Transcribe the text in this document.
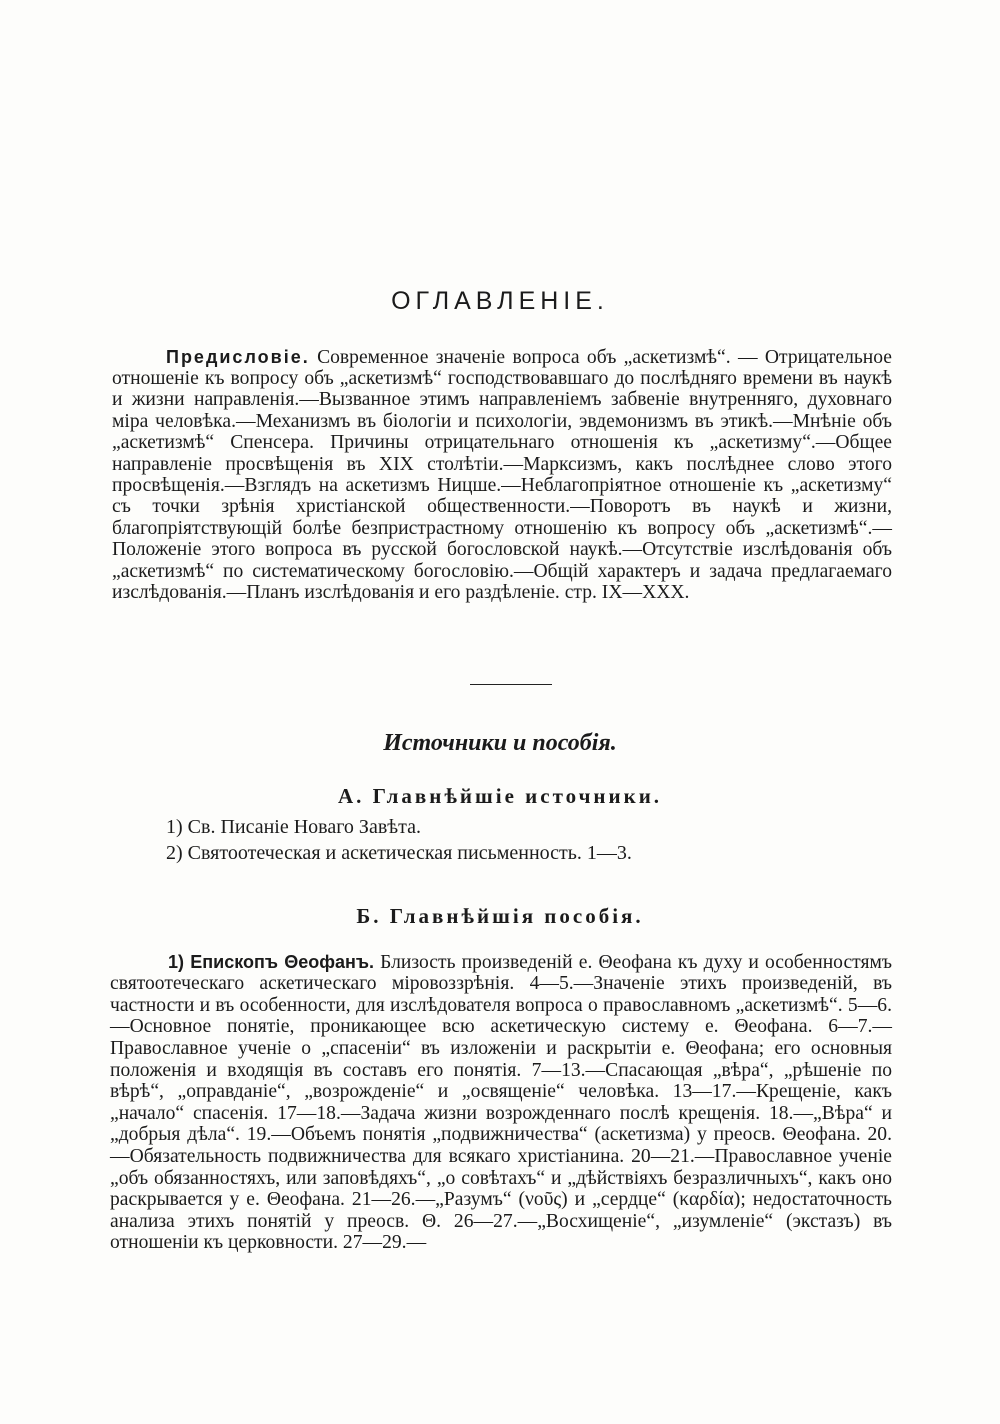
ОГЛАВЛЕНІЕ.

Предисловіе. Современное значеніе вопроса объ „аскетизмѣ“. — Отрицательное отношеніе къ вопросу объ „аскетизмѣ“ господствовавшаго до послѣдняго времени въ наукѣ и жизни направленія.—Вызванное этимъ направленіемъ забвеніе внутренняго, духовнаго міра человѣка.—Механизмъ въ біологіи и психологіи, эвдемонизмъ въ этикѣ.—Мнѣніе объ „аскетизмѣ“ Спенсера. Причины отрицательнаго отношенія къ „аскетизму“.—Общее направленіе просвѣщенія въ XIX столѣтіи.—Марксизмъ, какъ послѣднее слово этого просвѣщенія.—Взглядъ на аскетизмъ Ницше.—Неблагопріятное отношеніе къ „аскетизму“ съ точки зрѣнія христіанской общественности.—Поворотъ въ наукѣ и жизни, благопріятствующій болѣе безпристрастному отношенію къ вопросу объ „аскетизмѣ“.—Положеніе этого вопроса въ русской богословской наукѣ.—Отсутствіе изслѣдованія объ „аскетизмѣ“ по систематическому богословію.—Общій характеръ и задача предлагаемаго изслѣдованія.—Планъ изслѣдованія и его раздѣленіе. стр. IX—XXX.

Источники и пособія.
А. Главнѣйшіе источники.
1) Св. Писаніе Новаго Завѣта.
2) Святоотеческая и аскетическая письменность. 1—3.
Б. Главнѣйшія пособія.

1) Епископъ Θеофанъ. Близость произведеній е. Θеофана къ духу и особенностямъ святоотеческаго аскетическаго міровоззрѣнія. 4—5.—Значеніе этихъ произведеній, въ частности и въ особенности, для изслѣдователя вопроса о православномъ „аскетизмѣ“. 5—6.—Основное понятіе, проникающее всю аскетическую систему е. Θеофана. 6—7.—Православное ученіе о „спасеніи“ въ изложеніи и раскрытіи е. Θеофана; его основныя положенія и входящія въ составъ его понятія. 7—13.—Спасающая „вѣра“, „рѣшеніе по вѣрѣ“, „оправданіе“, „возрожденіе“ и „освященіе“ человѣка. 13—17.—Крещеніе, какъ „начало“ спасенія. 17—18.—Задача жизни возрожденнаго послѣ крещенія. 18.—„Вѣра“ и „добрыя дѣла“. 19.—Объемъ понятія „подвижничества“ (аскетизма) у преосв. Θеофана. 20.—Обязательность подвижничества для всякаго христіанина. 20—21.—Православное ученіе „объ обязанностяхъ, или заповѣдяхъ“, „о совѣтахъ“ и „дѣйствіяхъ безразличныхъ“, какъ оно раскрывается у е. Θеофана. 21—26.—„Разумъ“ (νοῦς) и „сердце“ (καρδία); недостаточность анализа этихъ понятій у преосв. Θ. 26—27.—„Восхищеніе“, „изумленіе“ (экстазъ) въ отношеніи къ церковности. 27—29.—
